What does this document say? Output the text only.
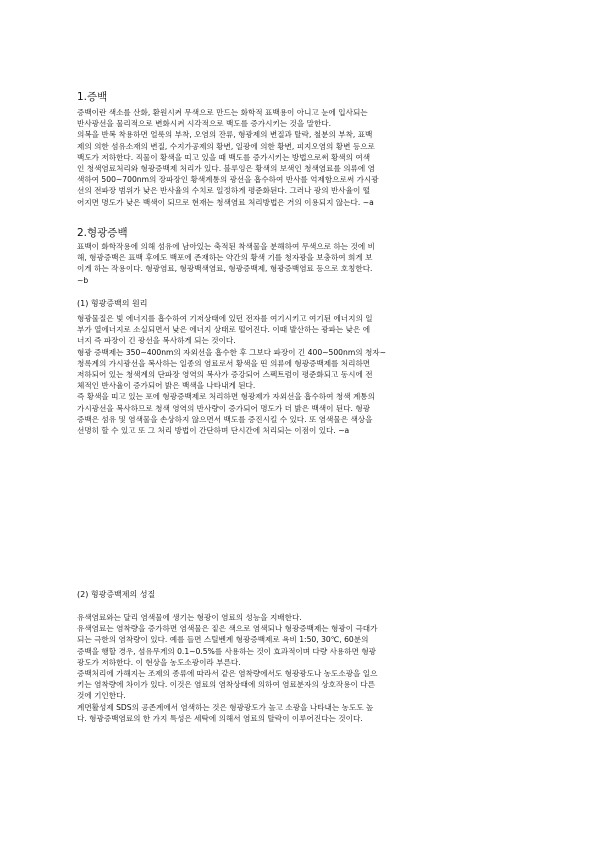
1.증백
증백이란 색소를 산화, 환원시켜 무색으로 만드는 화학적 표백용이 아니고 눈에 입사되는
반사광선을 물리적으로 변화시켜 시각적으로 백도를 증가시키는 것을 말한다.
의복을 반복 착용하면 얼룩의 부착, 오염의 잔류, 형광제의 변질과 탈락, 철분의 부착, 표백
제의 의한 섬유소재의 변질, 수지가공제의 황변, 일광에 의한 황변, 피지오염의 황변 등으로
백도가 저하한다. 직물이 황색을 띠고 있을 때 백도를 증가시키는 방법으로써 황색의 여색
인 청색염료처리와 형광증백제 처리가 있다. 블루잉은 황색의 보색인 청색염료를 의류에 염
색하여 500~700nm의 장파장인 황색계통의 광선을 흡수하여 반사를 억제함으로써 가시광
선의 전파장 범위가 낮은 반사율의 수치로 일정하게 평준화된다. 그러나 광의 반사율이 떨
어지면 명도가 낮은 백색이 되므로 현재는 청색염료 처리방법은 거의 이용되지 않는다. ~a
2.형광증백
표백이 화학작용에 의해 섬유에 남아있는 축적된 착색물을 분해하여 무색으로 하는 것에 비
해, 형광증백은 표백 후에도 백포에 존재하는 약간의 황색 기를 청자광을 보충하여 희게 보
이게 하는 작용이다. 형광염료, 형광백색염료, 형광증백제, 형광증백염료 등으로 호칭한다.
~b
(1) 형광증백의 원리
형광물질은 빛 에너지를 흡수하여 기저상태에 있던 전자를 여기시키고 여기된 에너지의 일
부가 열에너지로 소실되면서 낮은 에너지 상태로 떨어진다. 이때 발산하는 광파는 낮은 에
너지 즉 파장이 긴 광선을 복사하게 되는 것이다.
형광 증백제는 350~400nm의 자외선을 흡수한 후 그보다 파장이 긴 400~500nm의 청자~
청록계의 가시광선을 복사하는 일종의 염료로서 황색을 띤 의류에 형광증백제를 처리하면
저하되어 있는 청색계의 단파장 영역의 복사가 증강되어 스펙트럼이 평준화되고 동시에 전
체적인 반사율이 증가되어 밝은 백색을 나타내게 된다.
즉 황색을 띠고 있는 포에 형광증백제로 처리하면 형광제가 자외선을 흡수하여 청색 계통의
가시광선을 복사하므로 청색 영역의 반사량이 증가되어 명도가 더 밝은 백색이 된다. 형광
증백은 섬유 및 염색물을 손상하지 않으면서 백도를 증진시킬 수 있다. 또 염색물은 색상을
선명히 할 수 있고 또 그 처리 방법이 간단하며 단시간에 처리되는 이점이 있다. ~a
(2) 형광증백제의 성질
유색염료와는 달리 염색물에 생기는 형광이 염료의 성능을 지배한다.
유색염료는 염착량을 증가하면 염색물은 짙은 색으로 염색되나 형광증백제는 형광이 극대가
되는 극한의 염착량이 있다. 예를 들면 스틸벤계 형광증백제로 욕비 1:50, 30℃, 60분의
증백을 행할 경우, 섬유무게의 0.1~0.5%를 사용하는 것이 효과적이며 다량 사용하면 형광
광도가 저하한다. 이 현상을 농도소광이라 부른다.
증백처리에 가해지는 조제의 종류에 따라서 같은 염착량에서도 형광광도나 농도소광을 일으
키는 염착량에 차이가 있다. 이것은 염료의 염착상태에 의하여 염료분자의 상호작용이 다른
것에 기인한다.
계면활성제 SDS의 공존계에서 염색하는 것은 형광광도가 높고 소광을 나타내는 농도도 높
다. 형광증백염료의 한 가지 특성은 세탁에 의해서 염료의 탈락이 이루어진다는 것이다.
